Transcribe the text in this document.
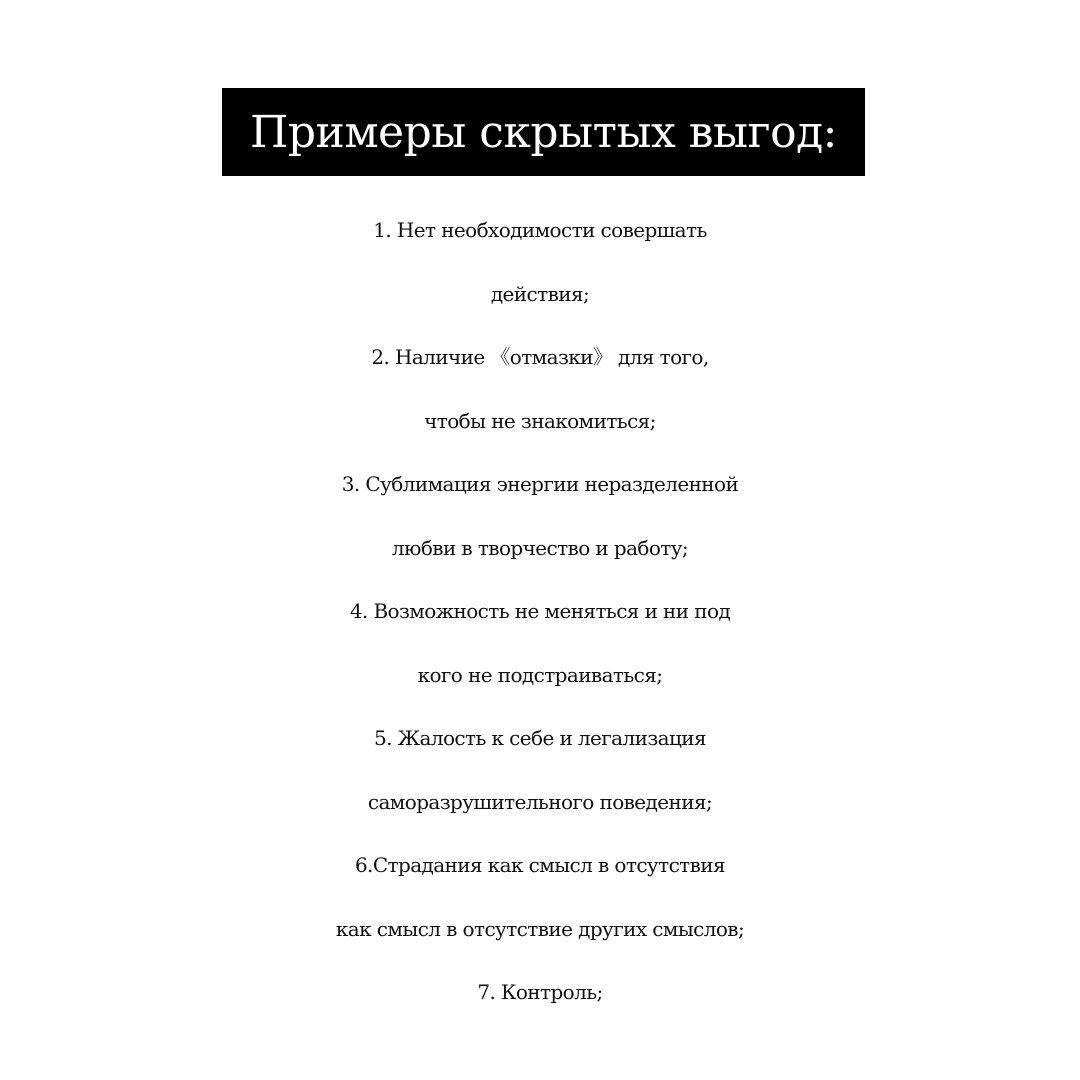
Примеры скрытых выгод:
1. Нет необходимости совершать
действия;
2. Наличие 《отмазки》 для того,
чтобы не знакомиться;
3. Сублимация энергии неразделенной
любви в творчество и работу;
4. Возможность не меняться и ни под
кого не подстраиваться;
5. Жалость к себе и легализация
саморазрушительного поведения;
6.Страдания как смысл в отсутствия
как смысл в отсутствие других смыслов;
7. Контроль;
